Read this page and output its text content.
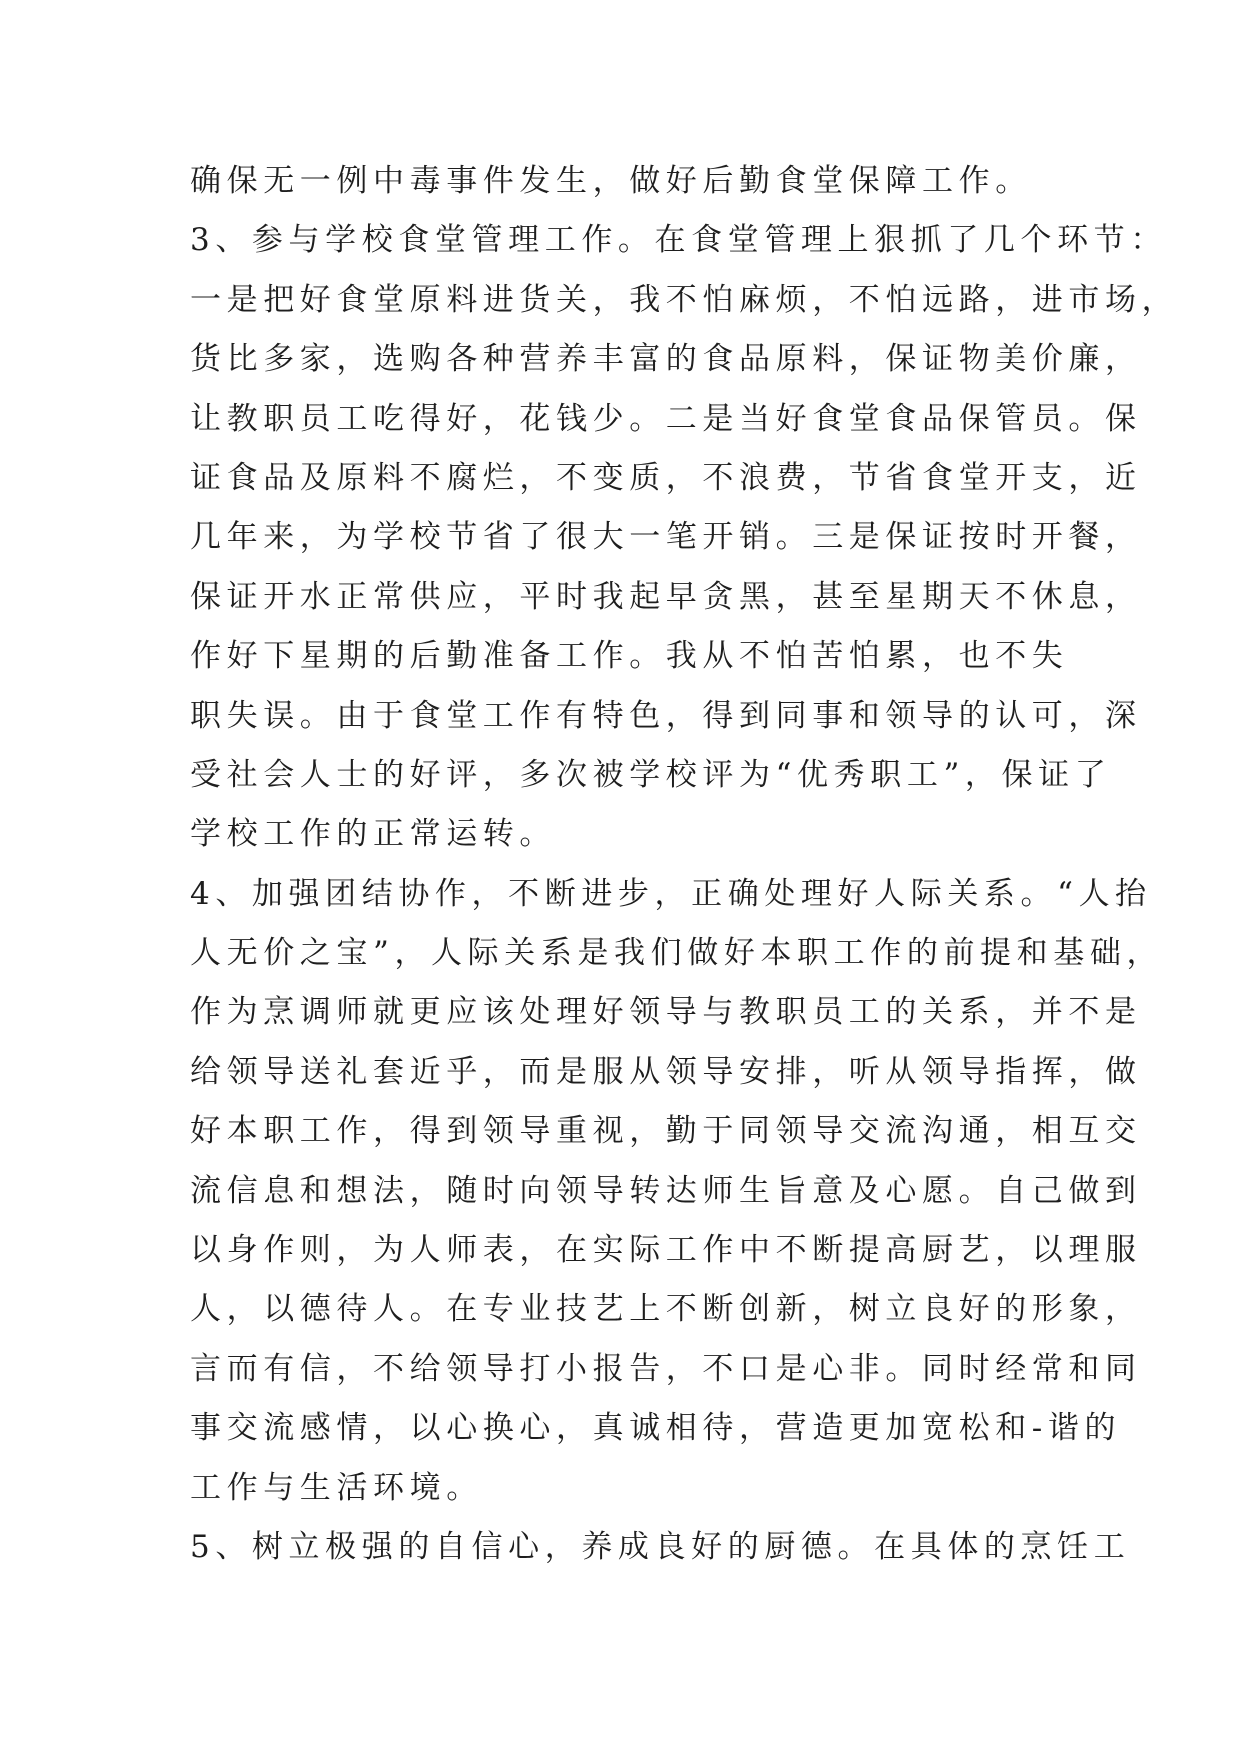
确保无一例中毒事件发生，做好后勤食堂保障工作。
3、参与学校食堂管理工作。在食堂管理上狠抓了几个环节：
一是把好食堂原料进货关，我不怕麻烦，不怕远路，进市场，
货比多家，选购各种营养丰富的食品原料，保证物美价廉，
让教职员工吃得好，花钱少。二是当好食堂食品保管员。保
证食品及原料不腐烂，不变质，不浪费，节省食堂开支，近
几年来，为学校节省了很大一笔开销。三是保证按时开餐，
保证开水正常供应，平时我起早贪黑，甚至星期天不休息，
作好下星期的后勤准备工作。我从不怕苦怕累，也不失
职失误。由于食堂工作有特色，得到同事和领导的认可，深
受社会人士的好评，多次被学校评为“优秀职工”，保证了
学校工作的正常运转。
4、加强团结协作，不断进步，正确处理好人际关系。“人抬
人无价之宝”，人际关系是我们做好本职工作的前提和基础，
作为烹调师就更应该处理好领导与教职员工的关系，并不是
给领导送礼套近乎，而是服从领导安排，听从领导指挥，做
好本职工作，得到领导重视，勤于同领导交流沟通，相互交
流信息和想法，随时向领导转达师生旨意及心愿。自己做到
以身作则，为人师表，在实际工作中不断提高厨艺，以理服
人，以德待人。在专业技艺上不断创新，树立良好的形象，
言而有信，不给领导打小报告，不口是心非。同时经常和同
事交流感情，以心换心，真诚相待，营造更加宽松和-谐的
工作与生活环境。
5、树立极强的自信心，养成良好的厨德。在具体的烹饪工
